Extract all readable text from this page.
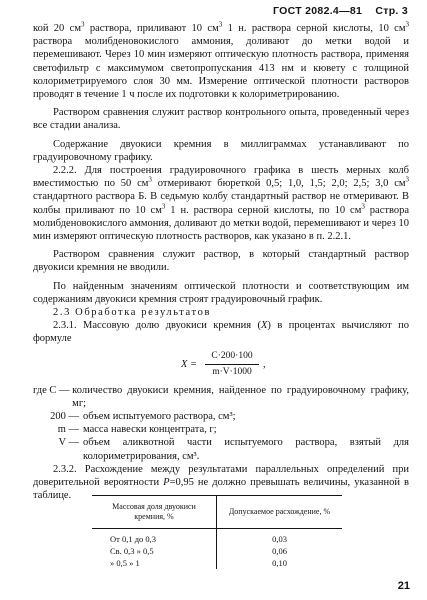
ГОСТ 2082.4—81 Стр. 3

кой 20 $см^3$ раствора, приливают 10 $см^3$ 1 н. раствора серной кислоты, 10 $см^3$ раствора молибденовокислого аммония, доливают до метки водой и перемешивают. Через 10 мин измеряют оптическую плотность раствора, применяя светофильтр с максимумом светопропускания 413 нм и кювету с толщиной колориметрируемого слоя 30 мм. Измерение оптической плотности растворов проводят в течение 1 ч после их подготовки к колориметрированию.

Раствором сравнения служит раствор контрольного опыта, проведенный через все стадии анализа.

Содержание двуокиси кремния в миллиграммах устанавливают по градуировочному графику.

2.2.2. Для построения градуировочного графика в шесть мерных колб вместимостью по 50 $см^3$ отмеривают бюреткой 0,5; 1,0, 1,5; 2,0; 2,5; 3,0 $см^3$ стандартного раствора Б. В седьмую колбу стандартный раствор не отмеривают. В колбы приливают по 10 $см^3$ 1 н. раствора серной кислоты, по 10 $см^3$ раствора молибденовокислого аммония, доливают до метки водой, перемешивают и через 10 мин измеряют оптическую плотность растворов, как указано в п. 2.2.1.

Раствором сравнения служит раствор, в который стандартный раствор двуокиси кремния не вводили.

По найденным значениям оптической плотности и соответствующим им содержаниям двуокиси кремния строят градуировочный график.

2.3 Обработка результатов

2.3.1. Массовую долю двуокиси кремния (X) в процентах вычисляют по формуле

$X = \frac{C\cdot 200\cdot 100}{m\cdot V\cdot 1000}$ ,
где C —
количество двуокиси кремния, найденное по градуировочному графику, мг;
200 — объем испытуемого раствора, см³;
m — масса навески концентрата, г;
V — объем аликвотной части испытуемого раствора, взятый для колориметрирования, см³.

2.3.2. Расхождение между результатами параллельных определений при доверительной вероятности P=0,95 не должно превышать величины, указанной в таблице.

Массовая доля двуокиси кремния, %	Допускаемое расхождение, %
От 0,1 до 0,3	0,03
Св. 0,3 » 0,5	0,06
» 0,5 » 1	0,10
21
